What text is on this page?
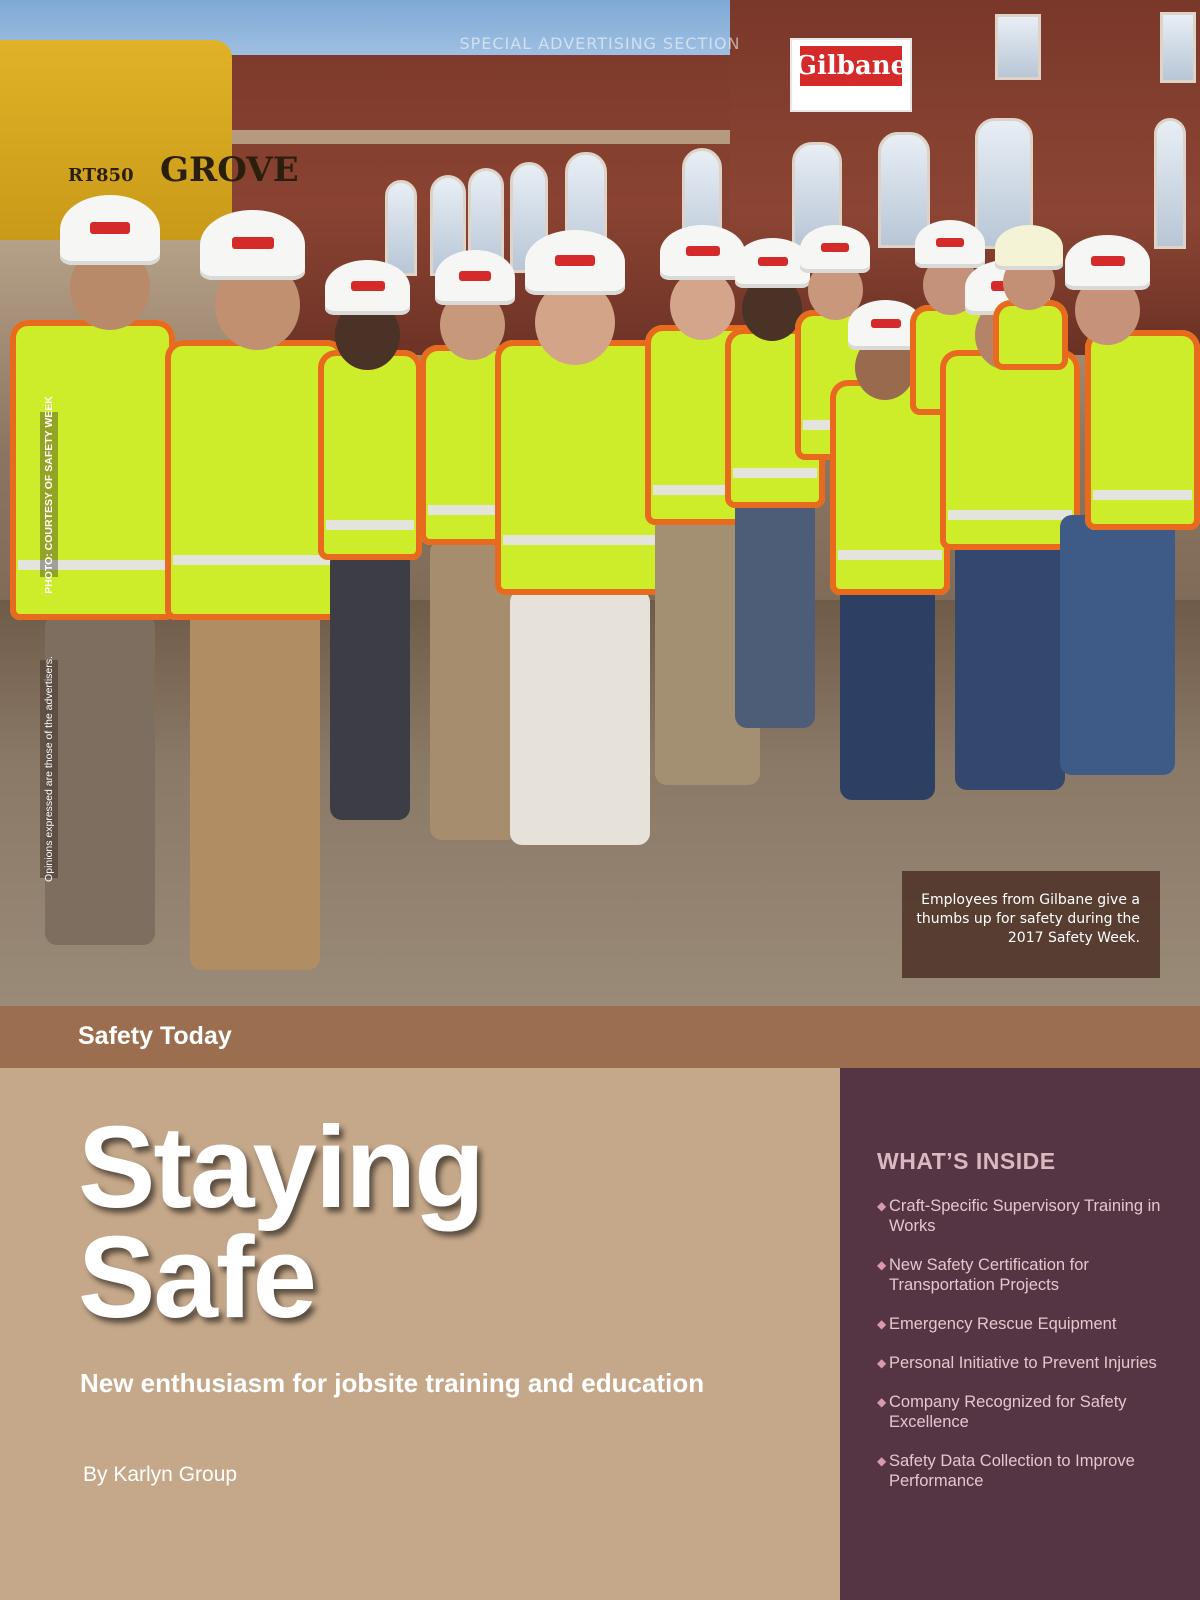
Gilbane
GROVE
RT850
SPECIAL ADVERTISING SECTION
PHOTO: COURTESY OF SAFETY WEEK
Opinions expressed are those of the advertisers.

Employees from Gilbane give a thumbs up for safety during the 2017 Safety Week.

Safety Today
Staying
Safe

New enthusiasm for jobsite training and education

By Karlyn Group

WHAT’S INSIDE
◆ Craft-Specific Supervisory Training in Works
◆ New Safety Certification for Transportation Projects
◆ Emergency Rescue Equipment
◆ Personal Initiative to Prevent Injuries
◆ Company Recognized for Safety Excellence
◆ Safety Data Collection to Improve Performance
